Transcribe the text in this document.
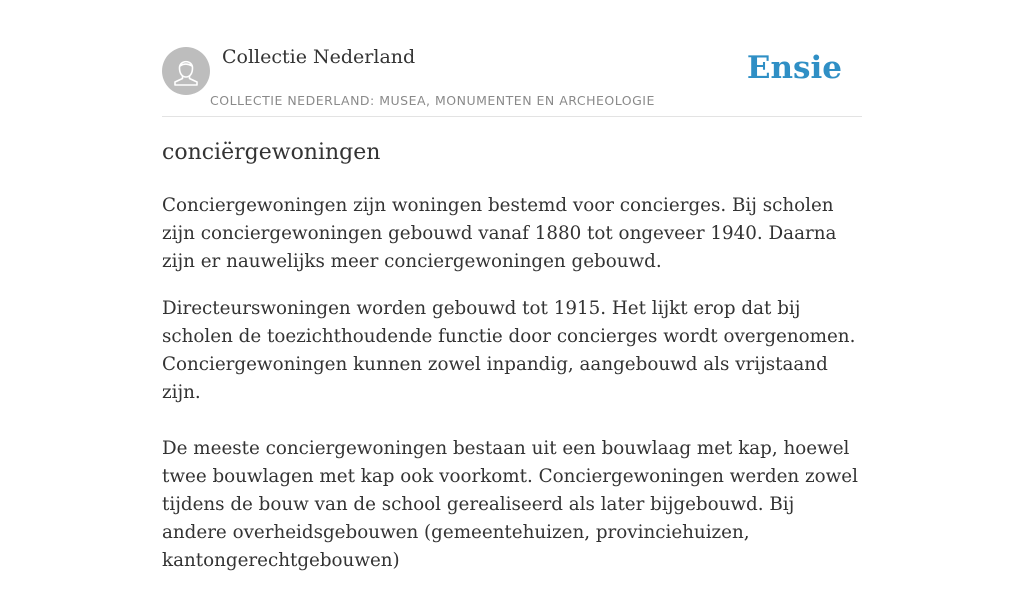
Collectie Nederland
COLLECTIE NEDERLAND: MUSEA, MONUMENTEN EN ARCHEOLOGIE
Ensie
conciërgewoningen

Conciergewoningen zijn woningen bestemd voor concierges. Bij scholen zijn conciergewoningen gebouwd vanaf 1880 tot ongeveer 1940. Daarna zijn er nauwelijks meer conciergewoningen gebouwd.

Directeurswoningen worden gebouwd tot 1915. Het lijkt erop dat bij scholen de toezichthoudende functie door concierges wordt overgenomen. Conciergewoningen kunnen zowel inpandig, aangebouwd als vrijstaand zijn.

De meeste conciergewoningen bestaan uit een bouwlaag met kap, hoewel twee bouwlagen met kap ook voorkomt. Conciergewoningen werden zowel tijdens de bouw van de school gerealiseerd als later bijgebouwd. Bij andere overheidsgebouwen (gemeentehuizen, provinciehuizen, kantongerechtgebouwen)
